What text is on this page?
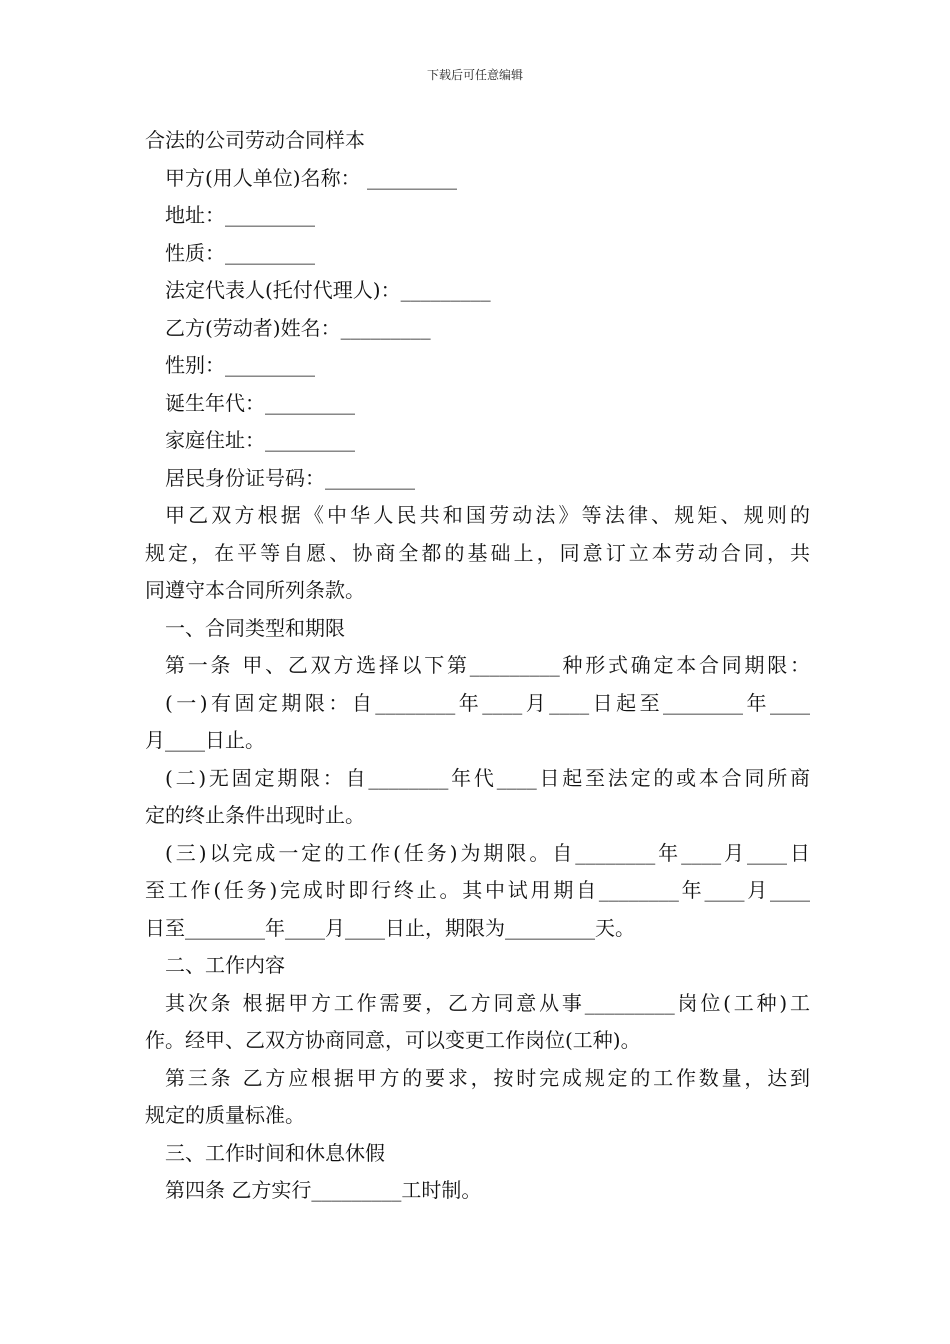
下载后可任意编辑
合法的公司劳动合同样本
甲方(用人单位)名称： _________
地址：_________
性质：_________
法定代表人(托付代理人)：_________
乙方(劳动者)姓名：_________
性别：_________
诞生年代：_________
家庭住址：_________
居民身份证号码：_________
甲乙双方根据《中华人民共和国劳动法》等法律、规矩、规则的
规定，在平等自愿、协商全都的基础上，同意订立本劳动合同，共
同遵守本合同所列条款。
一、合同类型和期限
第一条 甲、乙双方选择以下第_________种形式确定本合同期限：
(一)有固定期限：自________年____月____日起至________年____
月____日止。
(二)无固定期限：自________年代____日起至法定的或本合同所商
定的终止条件出现时止。
(三)以完成一定的工作(任务)为期限。自________年____月____日
至工作(任务)完成时即行终止。其中试用期自________年____月____
日至________年____月____日止，期限为_________天。
二、工作内容
其次条 根据甲方工作需要，乙方同意从事_________岗位(工种)工
作。经甲、乙双方协商同意，可以变更工作岗位(工种)。
第三条 乙方应根据甲方的要求，按时完成规定的工作数量，达到
规定的质量标准。
三、工作时间和休息休假
第四条 乙方实行_________工时制。
